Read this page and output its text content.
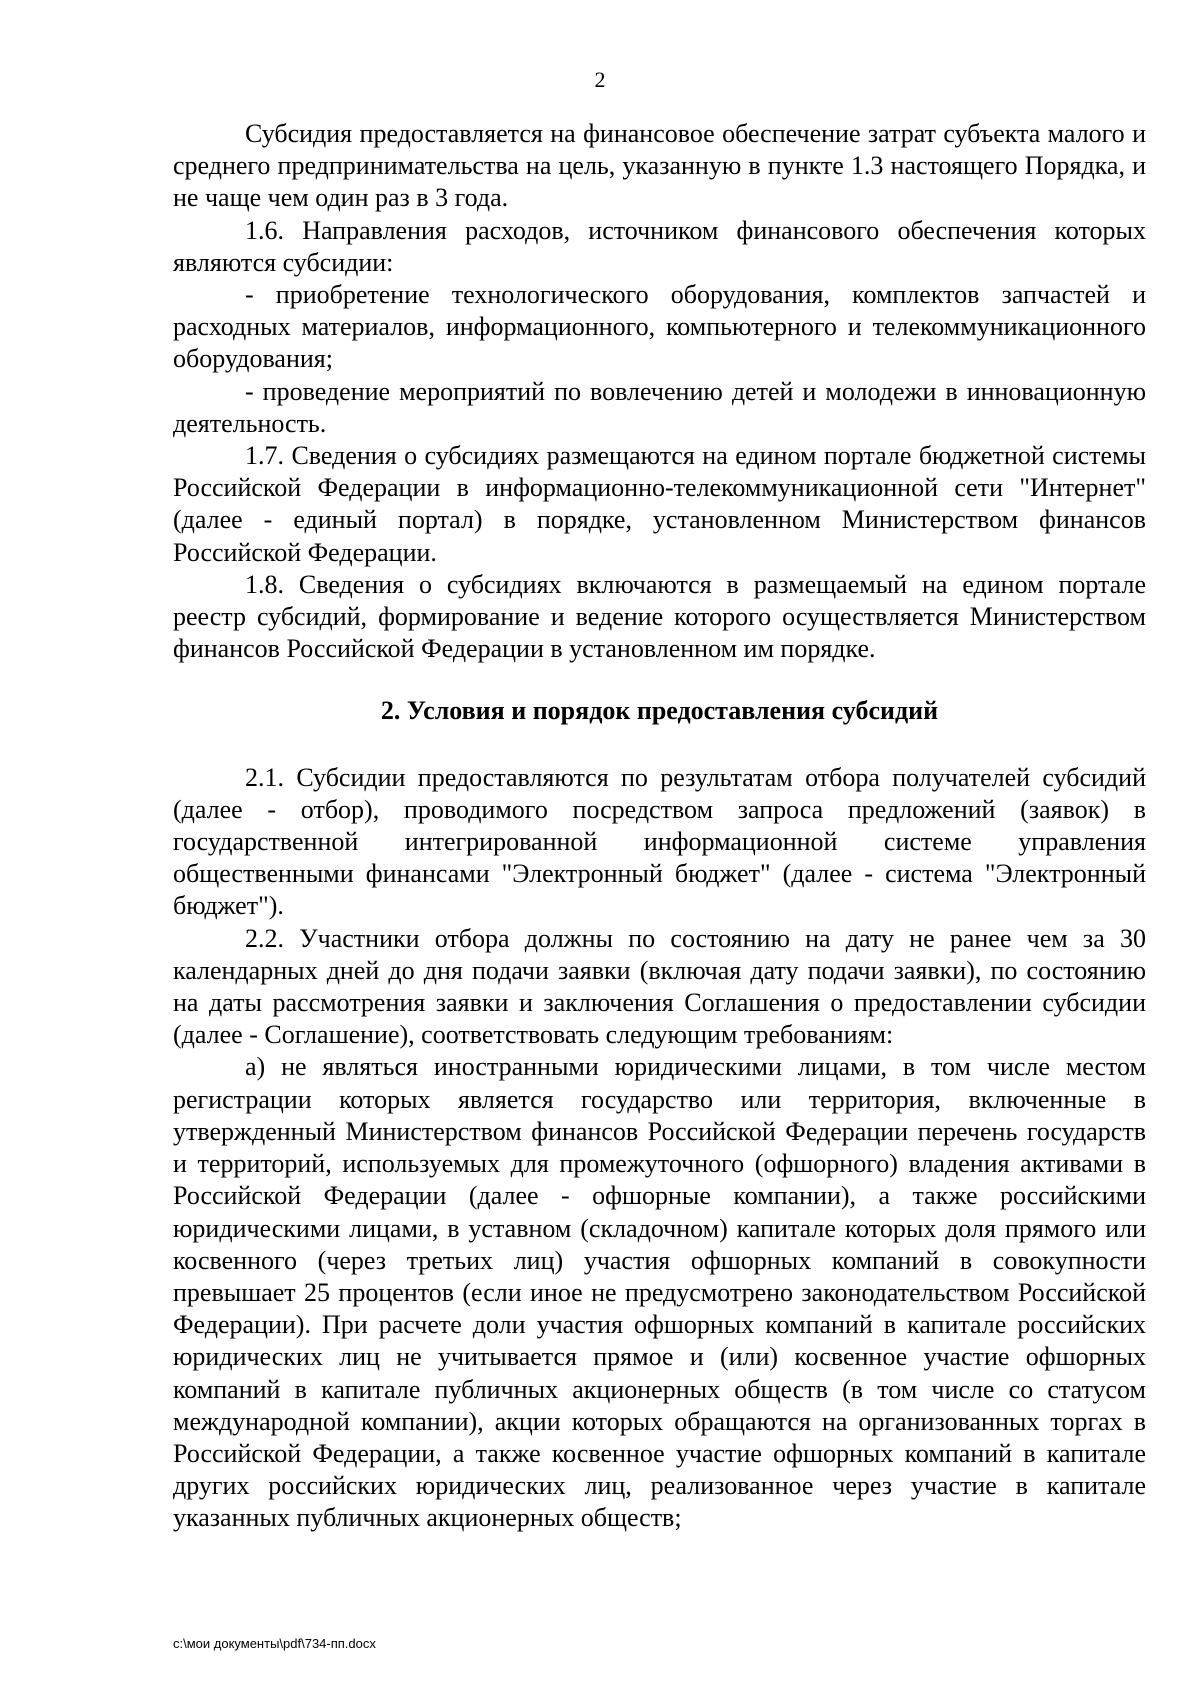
2

Субсидия предоставляется на финансовое обеспечение затрат субъекта малого и среднего предпринимательства на цель, указанную в пункте 1.3 настоящего Порядка, и не чаще чем один раз в 3 года.

1.6. Направления расходов, источником финансового обеспечения которых являются субсидии:

- приобретение технологического оборудования, комплектов запчастей и расходных материалов, информационного, компьютерного и телекоммуникационного оборудования;

- проведение мероприятий по вовлечению детей и молодежи в инновационную деятельность.

1.7. Сведения о субсидиях размещаются на едином портале бюджетной системы Российской Федерации в информационно-телекоммуникационной сети "Интернет" (далее - единый портал) в порядке, установленном Министерством финансов Российской Федерации.

1.8. Сведения о субсидиях включаются в размещаемый на едином портале реестр субсидий, формирование и ведение которого осуществляется Министерством финансов Российской Федерации в установленном им порядке.

2. Условия и порядок предоставления субсидий

2.1. Субсидии предоставляются по результатам отбора получателей субсидий (далее - отбор), проводимого посредством запроса предложений (заявок) в государственной интегрированной информационной системе управления общественными финансами "Электронный бюджет" (далее - система "Электронный бюджет").

2.2. Участники отбора должны по состоянию на дату не ранее чем за 30 календарных дней до дня подачи заявки (включая дату подачи заявки), по состоянию на даты рассмотрения заявки и заключения Соглашения о предоставлении субсидии (далее - Соглашение), соответствовать следующим требованиям:

а) не являться иностранными юридическими лицами, в том числе местом регистрации которых является государство или территория, включенные в утвержденный Министерством финансов Российской Федерации перечень государств и территорий, используемых для промежуточного (офшорного) владения активами в Российской Федерации (далее - офшорные компании), а также российскими юридическими лицами, в уставном (складочном) капитале которых доля прямого или косвенного (через третьих лиц) участия офшорных компаний в совокупности превышает 25 процентов (если иное не предусмотрено законодательством Российской Федерации). При расчете доли участия офшорных компаний в капитале российских юридических лиц не учитывается прямое и (или) косвенное участие офшорных компаний в капитале публичных акционерных обществ (в том числе со статусом международной компании), акции которых обращаются на организованных торгах в Российской Федерации, а также косвенное участие офшорных компаний в капитале других российских юридических лиц, реализованное через участие в капитале указанных публичных акционерных обществ;

c:\мои документы\pdf\734-пп.docx
